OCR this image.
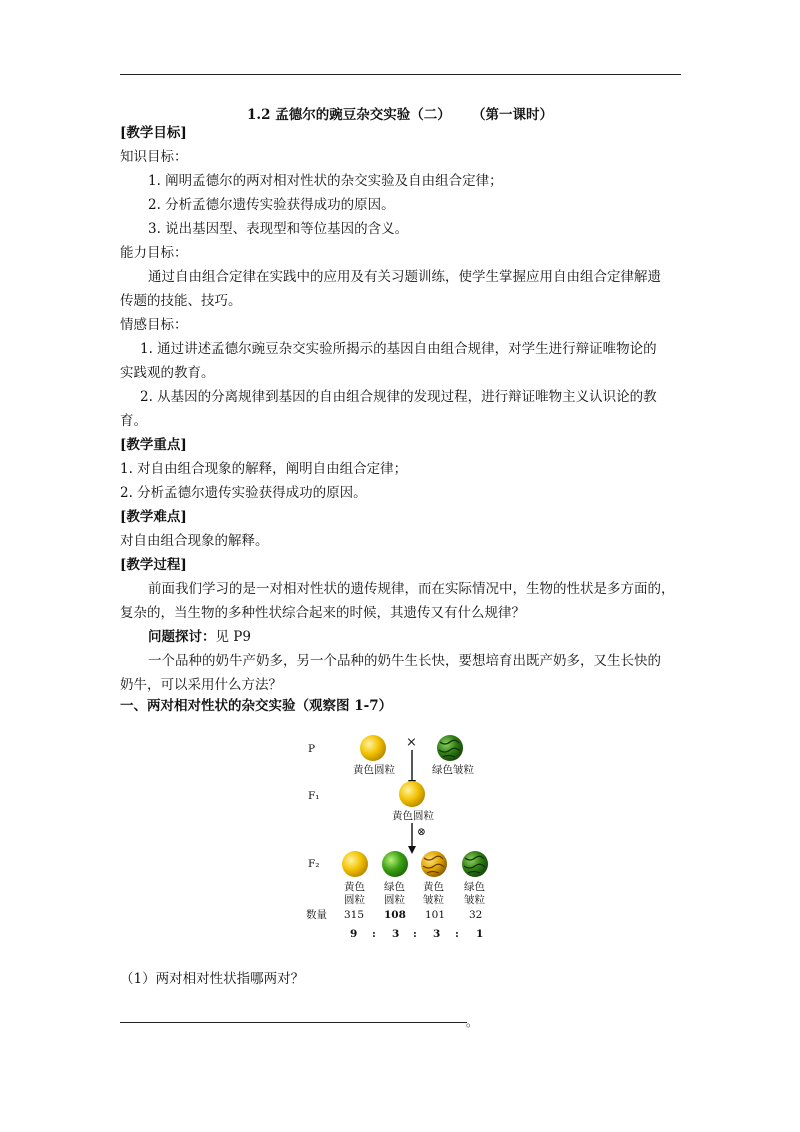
1.2 孟德尔的豌豆杂交实验（二） （第一课时）
[教学目标]
知识目标：
1. 阐明孟德尔的两对相对性状的杂交实验及自由组合定律；
2. 分析孟德尔遗传实验获得成功的原因。
3. 说出基因型、表现型和等位基因的含义。
能力目标：
通过自由组合定律在实践中的应用及有关习题训练，使学生掌握应用自由组合定律解遗
传题的技能、技巧。
情感目标：
1. 通过讲述孟德尔豌豆杂交实验所揭示的基因自由组合规律，对学生进行辩证唯物论的
实践观的教育。
2. 从基因的分离规律到基因的自由组合规律的发现过程，进行辩证唯物主义认识论的教
育。
[教学重点]
1. 对自由组合现象的解释，阐明自由组合定律；
2. 分析孟德尔遗传实验获得成功的原因。
[教学难点]
对自由组合现象的解释。
[教学过程]
前面我们学习的是一对相对性状的遗传规律，而在实际情况中，生物的性状是多方面的，
复杂的，当生物的多种性状综合起来的时候，其遗传又有什么规律？
问题探讨：见 P9
一个品种的奶牛产奶多，另一个品种的奶牛生长快，要想培育出既产奶多，又生长快的
奶牛，可以采用什么方法？
一、两对相对性状的杂交实验（观察图 1-7）
P	×
黄色圆粒	绿色皱粒
F₁
黄色圆粒
⊗
F₂
黄色
圆粒
绿色
圆粒
黄色
皱粒
绿色
皱粒
数量 315 108 101 32
9 : 3 : 3 : 1
（1）两对相对性状指哪两对？
。
